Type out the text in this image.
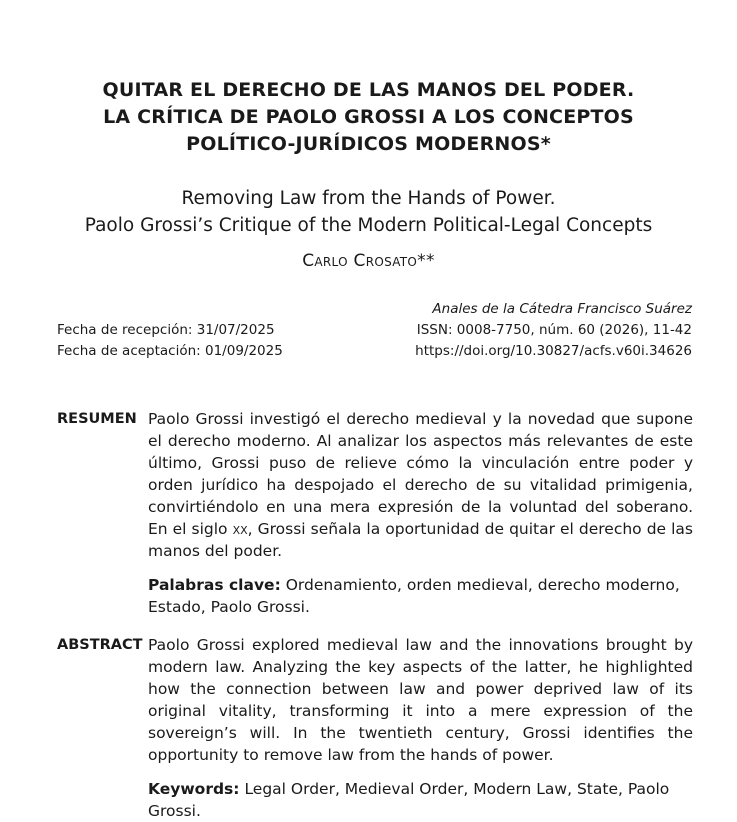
QUITAR EL DERECHO DE LAS MANOS DEL PODER.
LA CRÍTICA DE PAOLO GROSSI A LOS CONCEPTOS
POLÍTICO-JURÍDICOS MODERNOS*
Removing Law from the Hands of Power.
Paolo Grossi’s Critique of the Modern Political-Legal Concepts
Carlo Crosato**
Fecha de recepción: 31/07/2025
Fecha de aceptación: 01/09/2025
Anales de la Cátedra Francisco Suárez
ISSN: 0008-7750, núm. 60 (2026), 11-42
https://doi.org/10.30827/acfs.v60i.34626
RESUMEN Paolo Grossi investigó el derecho medieval y la novedad que supone el derecho moderno. Al analizar los aspectos más relevantes de este último, Grossi puso de relieve cómo la vinculación entre poder y orden jurídico ha despojado el derecho de su vitalidad primigenia, convirtiéndolo en una mera expresión de la voluntad del soberano. En el siglo xx, Grossi señala la oportunidad de quitar el derecho de las manos del poder.

Palabras clave: Ordenamiento, orden medieval, derecho moderno, Estado, Paolo Grossi.

ABSTRACT Paolo Grossi explored medieval law and the innovations brought by modern law. Analyzing the key aspects of the latter, he highlighted how the connection between law and power deprived law of its original vitality, transforming it into a mere expression of the sovereign’s will. In the twentieth century, Grossi identifies the opportunity to remove law from the hands of power.

Keywords: Legal Order, Medieval Order, Modern Law, State, Paolo Grossi.
